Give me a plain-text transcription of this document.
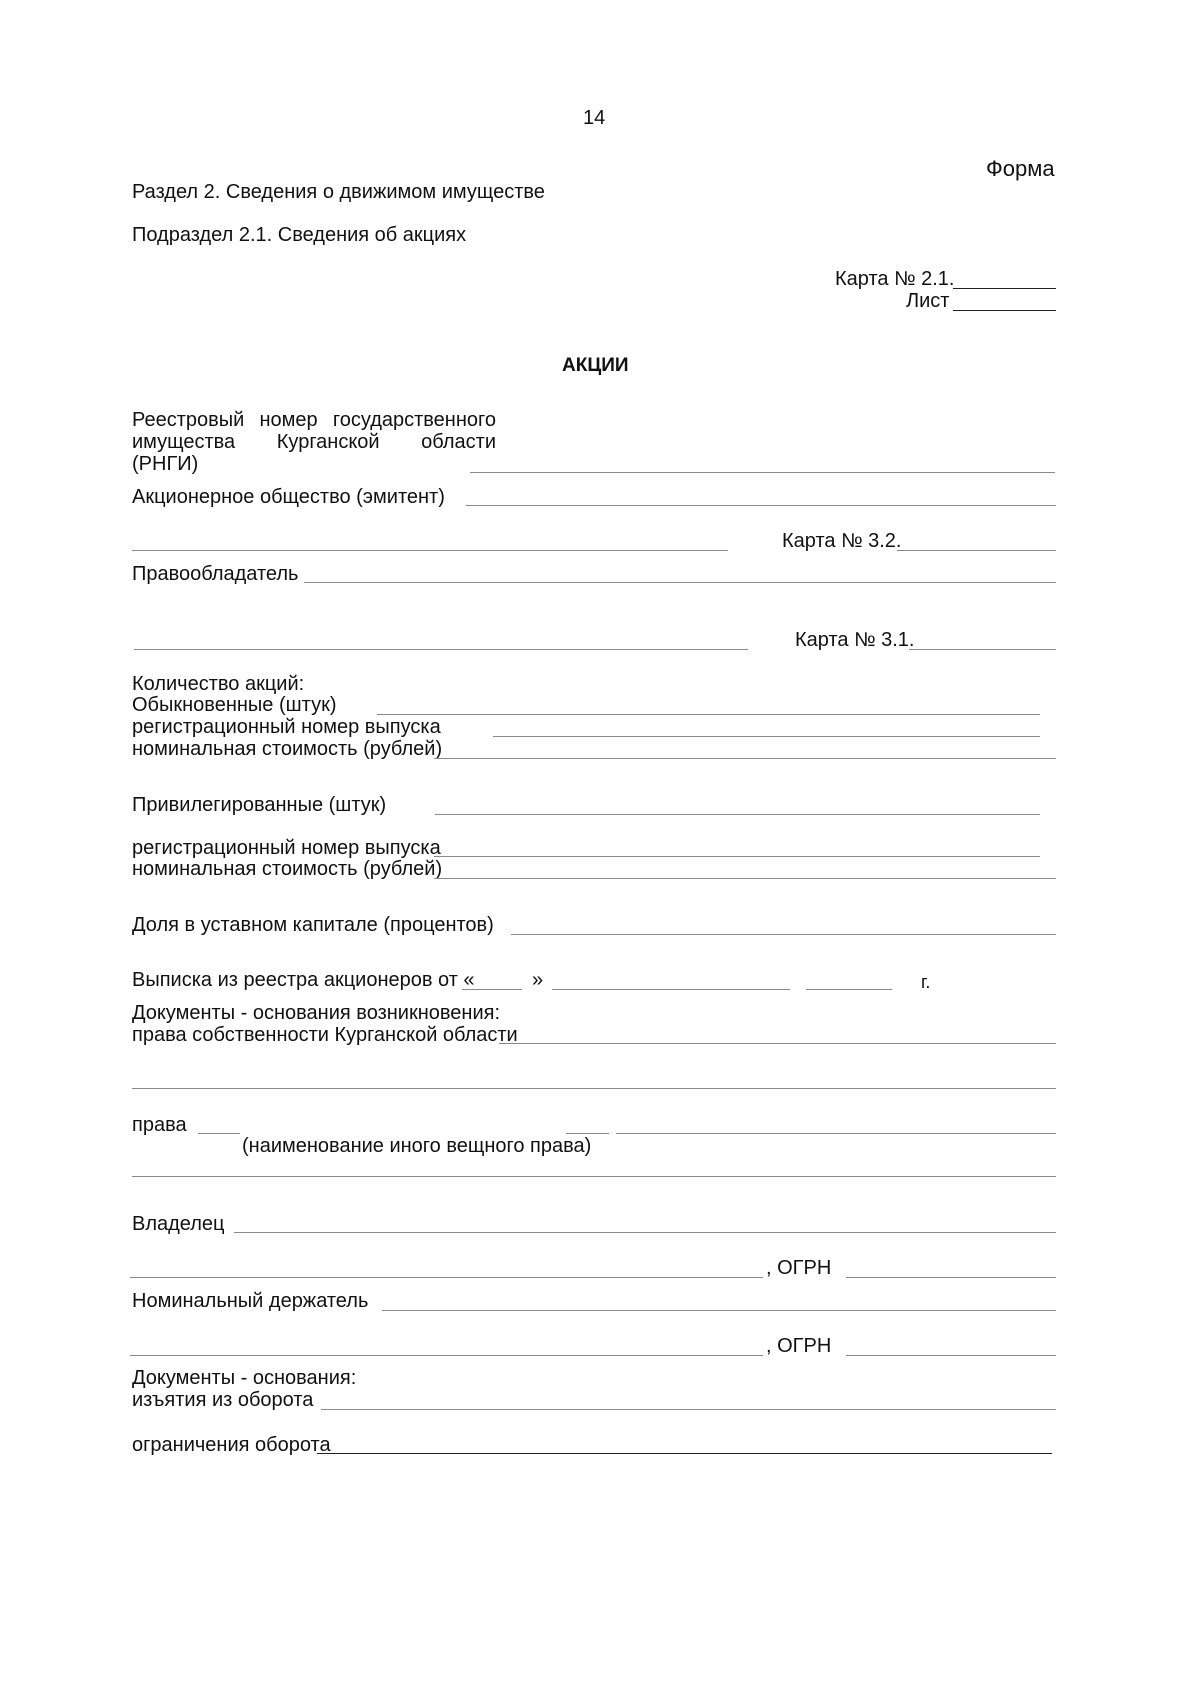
14
Форма
Раздел 2. Сведения о движимом имуществе
Подраздел 2.1. Сведения об акциях
Карта № 2.1.
Лист
АКЦИИ
Реестровый номер государственного
имущества Курганской области
(РНГИ)
Акционерное общество (эмитент)
Карта № 3.2.
Правообладатель
Карта № 3.1.
Количество акций:
Обыкновенные (штук)
регистрационный номер выпуска
номинальная стоимость (рублей)
Привилегированные (штук)
регистрационный номер выпуска
номинальная стоимость (рублей)
Доля в уставном капитале (процентов)
Выписка из реестра акционеров от «	»	г.
Документы - основания возникновения:
права собственности Курганской области
права
(наименование иного вещного права)
Владелец
, ОГРН
Номинальный держатель
, ОГРН
Документы - основания:
изъятия из оборота
ограничения оборота
